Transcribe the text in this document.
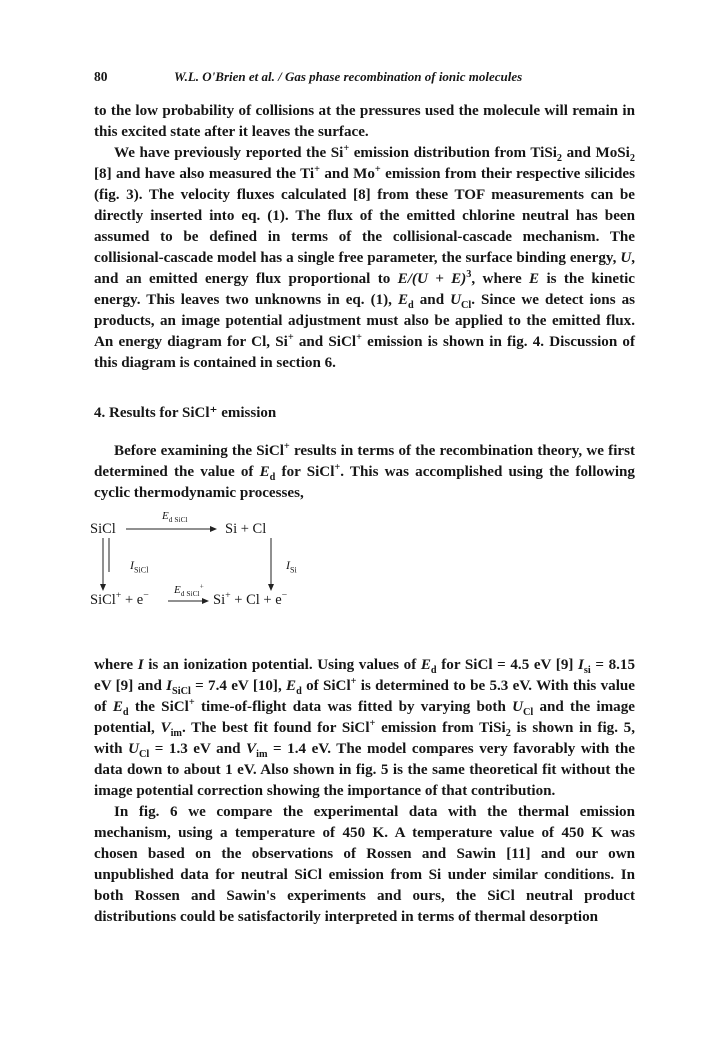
80	W.L. O'Brien et al. / Gas phase recombination of ionic molecules

to the low probability of collisions at the pressures used the molecule will remain in this excited state after it leaves the surface.

We have previously reported the Si+ emission distribution from TiSi$_2$ and MoSi$_2$ [8] and have also measured the Ti+ and Mo+ emission from their respective silicides (fig. 3). The velocity fluxes calculated [8] from these TOF measurements can be directly inserted into eq. (1). The flux of the emitted chlorine neutral has been assumed to be defined in terms of the collisional-cascade mechanism. The collisional-cascade model has a single free parameter, the surface binding energy, U, and an emitted energy flux proportional to $E/(U + E)^3$, where E is the kinetic energy. This leaves two unknowns in eq. (1), $E_d$ and $U_{Cl}$. Since we detect ions as products, an image potential adjustment must also be applied to the emitted flux. An energy diagram for Cl, Si+ and SiCl+ emission is shown in fig. 4. Discussion of this diagram is contained in section 6.

4. Results for SiCl⁺ emission

Before examining the SiCl+ results in terms of the recombination theory, we first determined the value of $E_d$ for SiCl+. This was accomplished using the following cyclic thermodynamic processes,

SiCl
$E_{d SiCl}$
Si + Cl
$I_{SiCl}$	$I_{Si}$
SiCl+ + e− $E_{d SiCl}^+$
Si+ + Cl + e−

where I is an ionization potential. Using values of $E_d$ for SiCl = 4.5 eV [9] $I_{si} = 8.15$ eV [9] and $I_{SiCl} = 7.4$ eV [10], $E_d$ of SiCl+ is determined to be 5.3 eV. With this value of $E_d$ the SiCl+ time-of-flight data was fitted by varying both $U_{Cl}$ and the image potential, $V_{im}$. The best fit found for SiCl+ emission from TiSi$_2$ is shown in fig. 5, with $U_{Cl} = 1.3$ eV and $V_{im} = 1.4$ eV. The model compares very favorably with the data down to about 1 eV. Also shown in fig. 5 is the same theoretical fit without the image potential correction showing the importance of that contribution.

In fig. 6 we compare the experimental data with the thermal emission mechanism, using a temperature of 450 K. A temperature value of 450 K was chosen based on the observations of Rossen and Sawin [11] and our own unpublished data for neutral SiCl emission from Si under similar conditions. In both Rossen and Sawin's experiments and ours, the SiCl neutral product distributions could be satisfactorily interpreted in terms of thermal desorption
